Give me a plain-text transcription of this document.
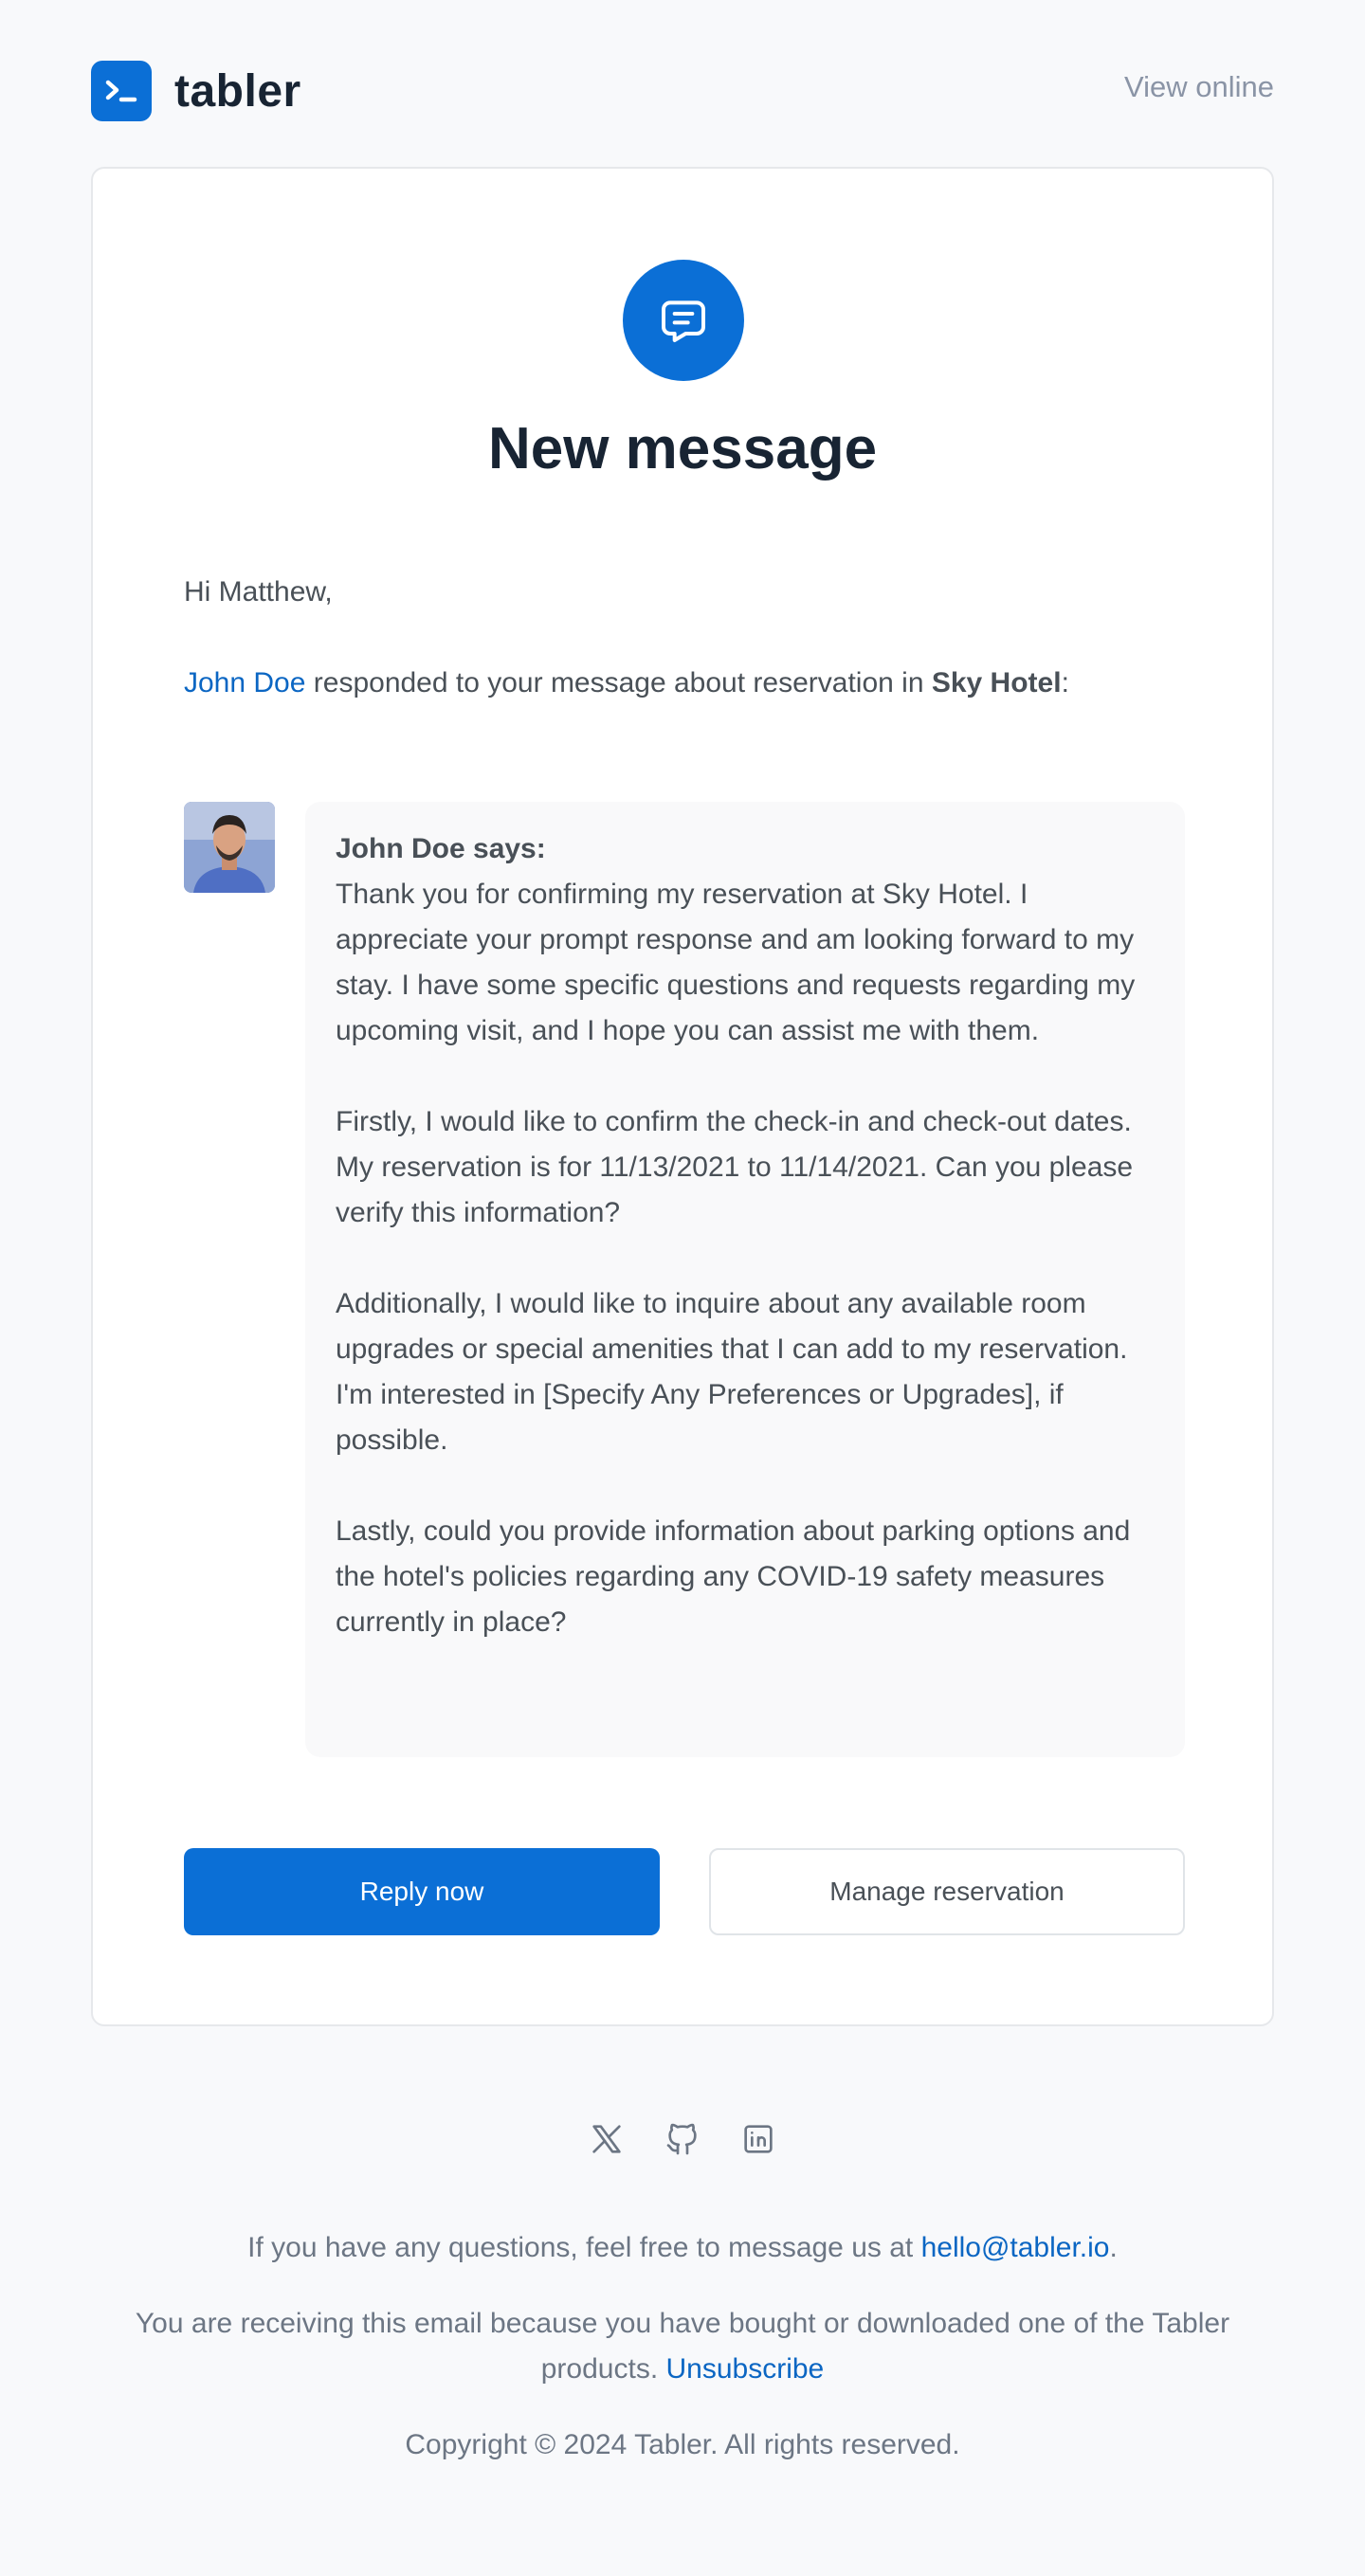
tabler	View online
New message
Hi Matthew,
John Doe responded to your message about reservation in Sky Hotel:
John Doe says:

Thank you for confirming my reservation at Sky Hotel. I appreciate your prompt response and am looking forward to my stay. I have some specific questions and requests regarding my upcoming visit, and I hope you can assist me with them.

Firstly, I would like to confirm the check-in and check-out dates. My reservation is for 11/13/2021 to 11/14/2021. Can you please verify this information?

Additionally, I would like to inquire about any available room upgrades or special amenities that I can add to my reservation. I'm interested in [Specify Any Preferences or Upgrades], if possible.

Lastly, could you provide information about parking options and the hotel's policies regarding any COVID-19 safety measures currently in place?

Reply now	Manage reservation
If you have any questions, feel free to message us at hello@tabler.io.
You are receiving this email because you have bought or downloaded one of the Tabler products. Unsubscribe
Copyright © 2024 Tabler. All rights reserved.
